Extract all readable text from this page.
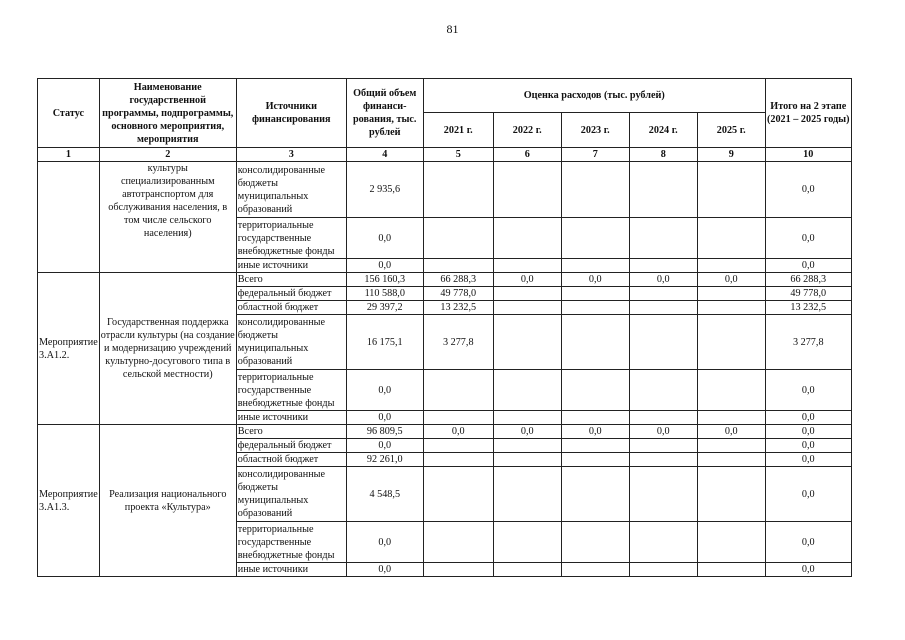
81
Статус	Наименование государственной программы, подпрограммы, основного мероприятия, мероприятия	Источники финансирования	Общий объем финанси-рования, тыс. рублей	Оценка расходов (тыс. рублей)					Итого на 2 этапе (2021 – 2025 годы)
				2021 г.	2022 г.	2023 г.	2024 г.	2025 г.	
1	2	3	4	5	6	7	8	9	10
	культуры специализированным автотранспортом для обслуживания населения, в том числе сельского населения)	консолидированные бюджеты муниципальных образований	2 935,6						0,0
		территориальные государственные внебюджетные фонды	0,0						0,0
		иные источники	0,0						0,0
Мероприятие 3.А1.2.	Государственная поддержка отрасли культуры (на создание и модернизацию учреждений культурно-досугового типа в сельской местности)	Всего	156 160,3	66 288,3	0,0	0,0	0,0	0,0	66 288,3
		федеральный бюджет	110 588,0	49 778,0					49 778,0
		областной бюджет	29 397,2	13 232,5					13 232,5
		консолидированные бюджеты муниципальных образований	16 175,1	3 277,8					3 277,8
		территориальные государственные внебюджетные фонды	0,0						0,0
		иные источники	0,0						0,0
Мероприятие 3.А1.3.	Реализация национального проекта «Культура»	Всего	96 809,5	0,0	0,0	0,0	0,0	0,0	0,0
		федеральный бюджет	0,0						0,0
		областной бюджет	92 261,0						0,0
		консолидированные бюджеты муниципальных образований	4 548,5						0,0
		территориальные государственные внебюджетные фонды	0,0						0,0
		иные источники	0,0						0,0
